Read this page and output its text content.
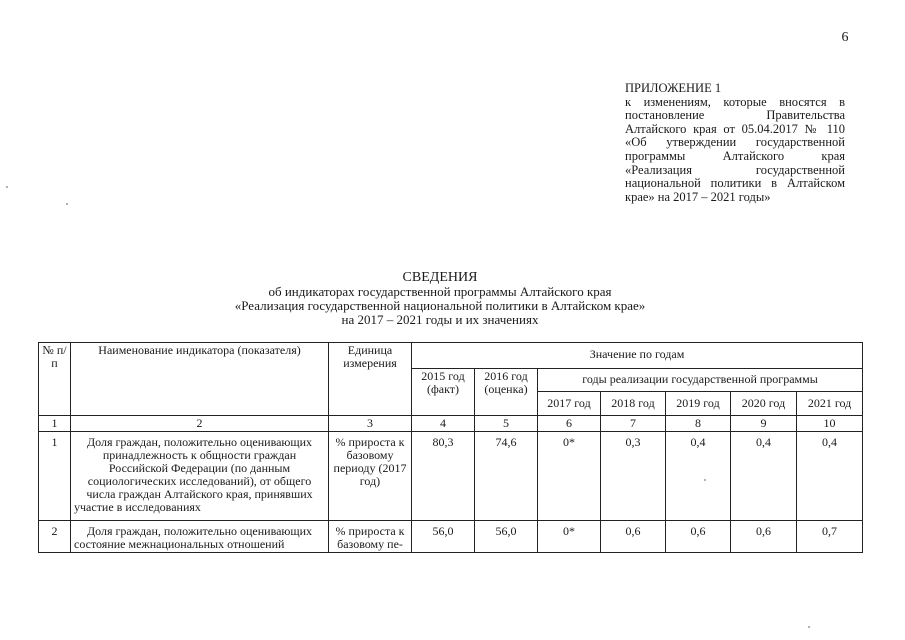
6
ПРИЛОЖЕНИЕ 1
к изменениям, которые вносятся в постановление Правительства Алтайского края от 05.04.2017 № 110 «Об утверждении государственной программы Алтайского края «Реализация государственной национальной политики в Алтайском крае» на 2017 – 2021 годы»
СВЕДЕНИЯ
об индикаторах государственной программы Алтайского края
«Реализация государственной национальной политики в Алтайском крае»
на 2017 – 2021 годы и их значениях
№ п/п	Наименование индикатора (показателя)	Единица измерения	Значение по годам						
			2015 год (факт)	2016 год (оценка)	годы реализации государственной программы				
					2017 год	2018 год	2019 год	2020 год	2021 год
1	2	3	4	5	6	7	8	9	10
1	Доля граждан, положительно оценивающих принадлежность к общности граждан Российской Федерации (по данным социологических исследований), от общего числа граждан Алтайского края, принявших участие в исследованиях	% прироста к базовому периоду (2017 год)	80,3	74,6	0*	0,3	0,4	0,4	0,4
2	Доля граждан, положительно оценивающих состояние межнациональных отношений	% прироста к базовому пе-	56,0	56,0	0*	0,6	0,6	0,6	0,7
